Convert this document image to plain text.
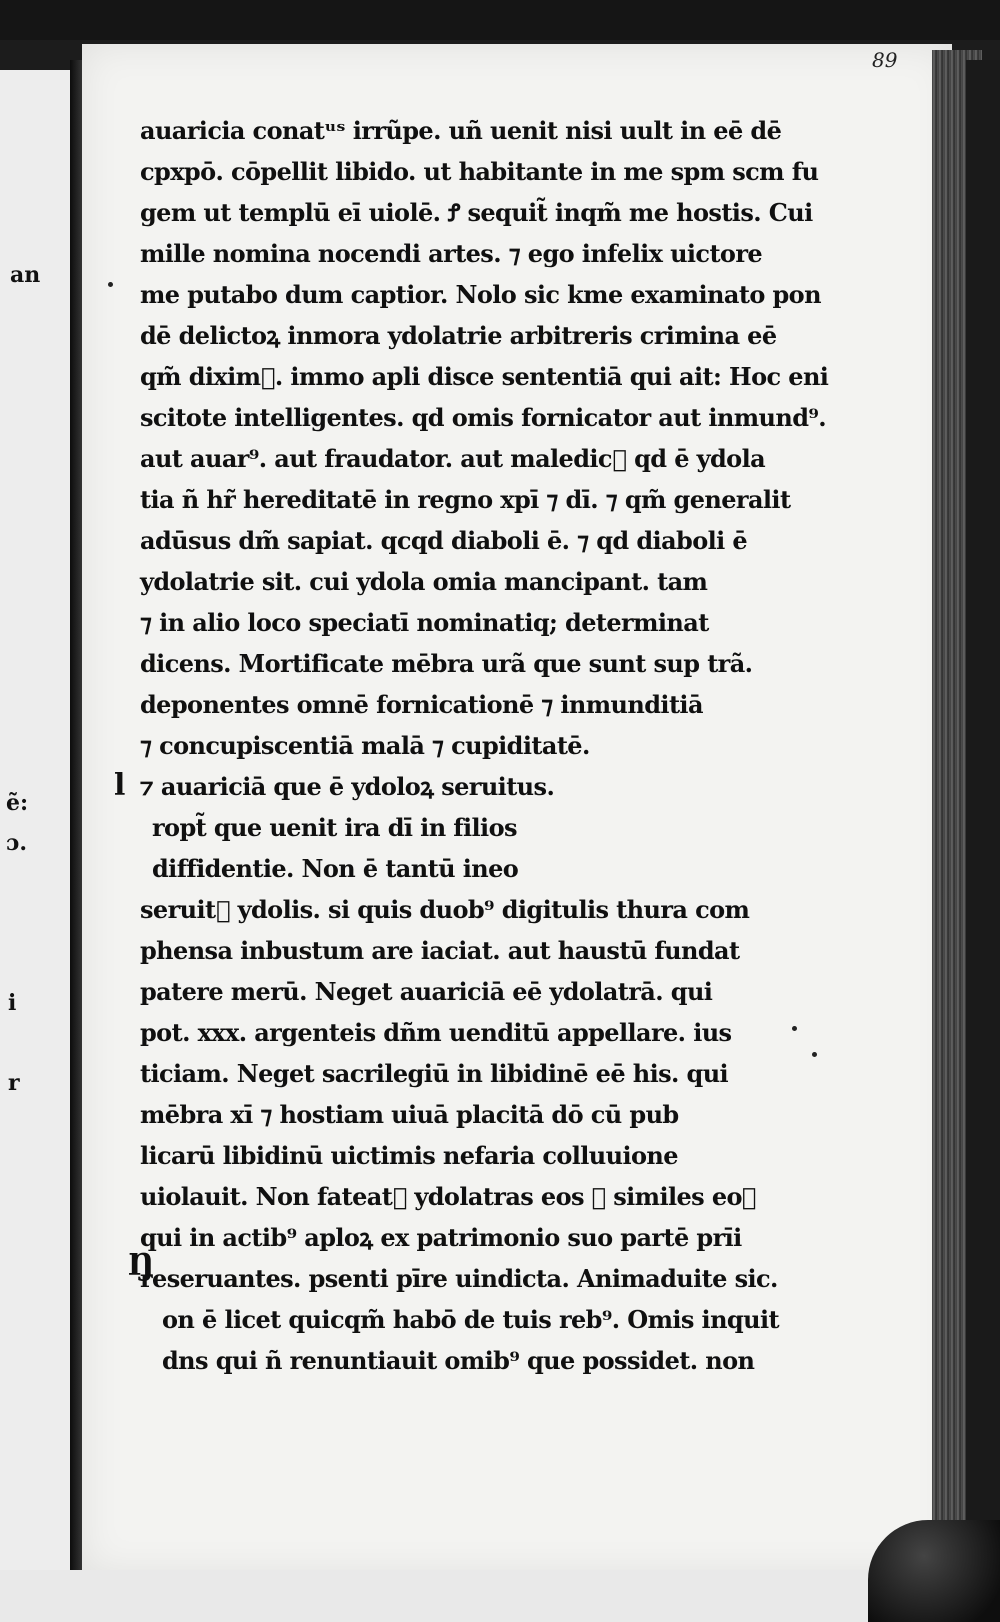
an
ẽ:
ɔ.
i
r
89
l
Ŋ
auaricia conatᵘˢ irrũpe. uñ uenit nisi uult in eē dē
cpxpō. cōpellit libido. ut habitante in me spm scm fu
gem ut templū eī uiolē. Ꝭ sequit̃ inqm̃ me hostis. Cui
mille nomina nocendi artes. ⁊ ego infelix uictore
me putabo dum captior. Nolo sic kme examinato pon
dē delictoꝝ inmora ydolatrie arbitreris crimina eē
qm̃ dixim᷑. immo apli disce sententiā qui ait: Hoc eni
scitote intelligentes. qd omis fornicator aut inmund⁹.
aut auar⁹. aut fraudator. aut maledic᷑ qd ē ydola
tia ñ hr̃ hereditatē in regno xpī ⁊ dī. ⁊ qm̃ generalit
adūsus dm̃ sapiat. qcqd diaboli ē. ⁊ qd diaboli ē
ydolatrie sit. cui ydola omia mancipant. tam
⁊ in alio loco speciatī nominatiq; determinat
dicens. Mortificate mēbra urã que sunt sup trã.
deponentes omnē fornicationē ⁊ inmunditiā
⁊ concupiscentiā malā ⁊ cupiditatē.
⁊ auariciā que ē ydoloꝝ seruitus.
ropt̃ que uenit ira dī in filios
diffidentie. Non ē tantū ineo
seruit᷑ ydolis. si quis duob⁹ digitulis thura com
phensa inbustum are iaciat. aut haustū fundat
patere merū. Neget auariciā eē ydolatrā. qui
pot. xxx. argenteis dñm uenditū appellare. ius
ticiam. Neget sacrilegiū in libidinē eē his. qui
mēbra xī ⁊ hostiam uiuā placitā dō cū pub
licarū libidinū uictimis nefaria colluuione
uiolauit. Non fateat᷑ ydolatras eos ⁊ similes eoꝝ
qui in actib⁹ aploꝝ ex patrimonio suo partē prīi
reseruantes. psenti pīre uindicta. Animaduite sic.
on ē licet quicqm̃ habō de tuis reb⁹. Omis inquit
dns qui ñ renuntiauit omib⁹ que possidet. non
